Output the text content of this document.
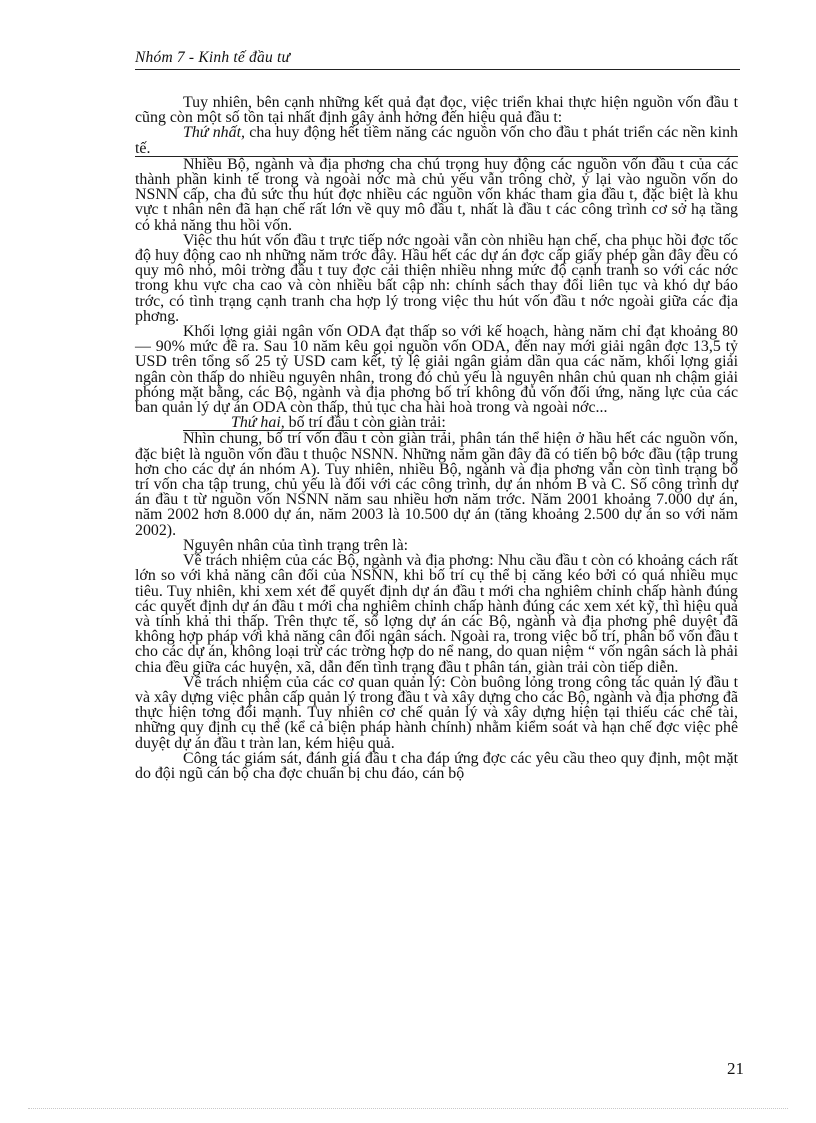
Nhóm 7 - Kinh tế đầu tư

Tuy nhiên, bên cạnh những kết quả đạt đọc, việc triển khai thực hiện nguồn vốn đầu t cũng còn một số tồn tại nhất định gây ảnh hởng đến hiệu quả đầu t:

Thứ nhất, cha huy động hết tiềm năng các nguồn vốn cho đầu t phát triển các nền kinh tế.

Nhiều Bộ, ngành và địa phơng cha chú trọng huy động các nguồn vốn đầu t của các thành phần kinh tế trong và ngoài nớc mà chủ yếu vẫn trông chờ, ỷ lại vào nguồn vốn do NSNN cấp, cha đủ sức thu hút đợc nhiều các nguồn vốn khác tham gia đầu t, đặc biệt là khu vực t nhân nên đã hạn chế rất lớn về quy mô đầu t, nhất là đầu t các công trình cơ sở hạ tầng có khả năng thu hồi vốn.

Việc thu hút vốn đầu t trực tiếp nớc ngoài vẫn còn nhiều hạn chế, cha phục hồi đợc tốc độ huy động cao nh những năm trớc đây. Hầu hết các dự án đợc cấp giấy phép gần đây đều có quy mô nhỏ, môi trờng đầu t tuy đợc cải thiện nhiều nhng mức độ cạnh tranh so với các nớc trong khu vực cha cao và còn nhiều bất cập nh: chính sách thay đổi liên tục và khó dự báo trớc, có tình trạng cạnh tranh cha hợp lý trong việc thu hút vốn đầu t nớc ngoài giữa các địa phơng.

Khối lợng giải ngân vốn ODA đạt thấp so với kế hoạch, hàng năm chỉ đạt khoảng 80 — 90% mức đề ra. Sau 10 năm kêu gọi nguồn vốn ODA, đến nay mới giải ngân đợc 13,5 tỷ USD trên tổng số 25 tỷ USD cam kết, tỷ lệ giải ngân giảm dần qua các năm, khối lợng giải ngân còn thấp do nhiều nguyên nhân, trong đó chủ yếu là nguyên nhân chủ quan nh chậm giải phóng mặt bằng, các Bộ, ngành và địa phơng bố trí không đủ vốn đối ứng, năng lực của các ban quản lý dự án ODA còn thấp, thủ tục cha hài hoà trong và ngoài nớc...

Thứ hai, bố trí đầu t còn giàn trải:

Nhìn chung, bố trí vốn đầu t còn giàn trải, phân tán thể hiện ở hầu hết các nguồn vốn, đặc biệt là nguồn vốn đầu t thuộc NSNN. Những năm gần đây đã có tiến bộ bớc đầu (tập trung hơn cho các dự án nhóm A). Tuy nhiên, nhiều Bộ, ngành và địa phơng vẫn còn tình trạng bố trí vốn cha tập trung, chủ yếu là đối với các công trình, dự án nhóm B và C. Số công trình dự án đầu t từ nguồn vốn NSNN năm sau nhiều hơn năm trớc. Năm 2001 khoảng 7.000 dự án, năm 2002 hơn 8.000 dự án, năm 2003 là 10.500 dự án (tăng khoảng 2.500 dự án so với năm 2002).

Nguyên nhân của tình trạng trên là:

Về trách nhiệm của các Bộ, ngành và địa phơng: Nhu cầu đầu t còn có khoảng cách rất lớn so với khả năng cân đối của NSNN, khi bố trí cụ thể bị căng kéo bởi có quá nhiều mục tiêu. Tuy nhiên, khi xem xét để quyết định dự án đầu t mới cha nghiêm chỉnh chấp hành đúng các quyết định dự án đầu t mới cha nghiêm chỉnh chấp hành đúng các xem xét kỹ, thì hiệu quả và tính khả thi thấp. Trên thực tế, số lợng dự án các Bộ, ngành và địa phơng phê duyệt đã không hợp pháp với khả năng cân đối ngân sách. Ngoài ra, trong việc bố trí, phân bổ vốn đầu t cho các dự án, không loại trừ các trờng hợp do nể nang, do quan niệm “ vốn ngân sách là phải chia đều giữa các huyện, xã, dẫn đến tình trạng đầu t phân tán, giàn trải còn tiếp diễn.

Về trách nhiệm của các cơ quan quản lý: Còn buông lỏng trong công tác quản lý đầu t và xây dựng việc phân cấp quản lý trong đầu t và xây dựng cho các Bộ, ngành và địa phơng đã thực hiện tơng đối mạnh. Tuy nhiên cơ chế quản lý và xây dựng hiện tại thiếu các chế tài, những quy định cụ thể (kể cả biện pháp hành chính) nhằm kiểm soát và hạn chế đợc việc phê duyệt dự án đầu t tràn lan, kém hiệu quả.

Công tác giám sát, đánh giá đầu t cha đáp ứng đợc các yêu cầu theo quy định, một mặt do đội ngũ cán bộ cha đợc chuẩn bị chu đáo, cán bộ

21
